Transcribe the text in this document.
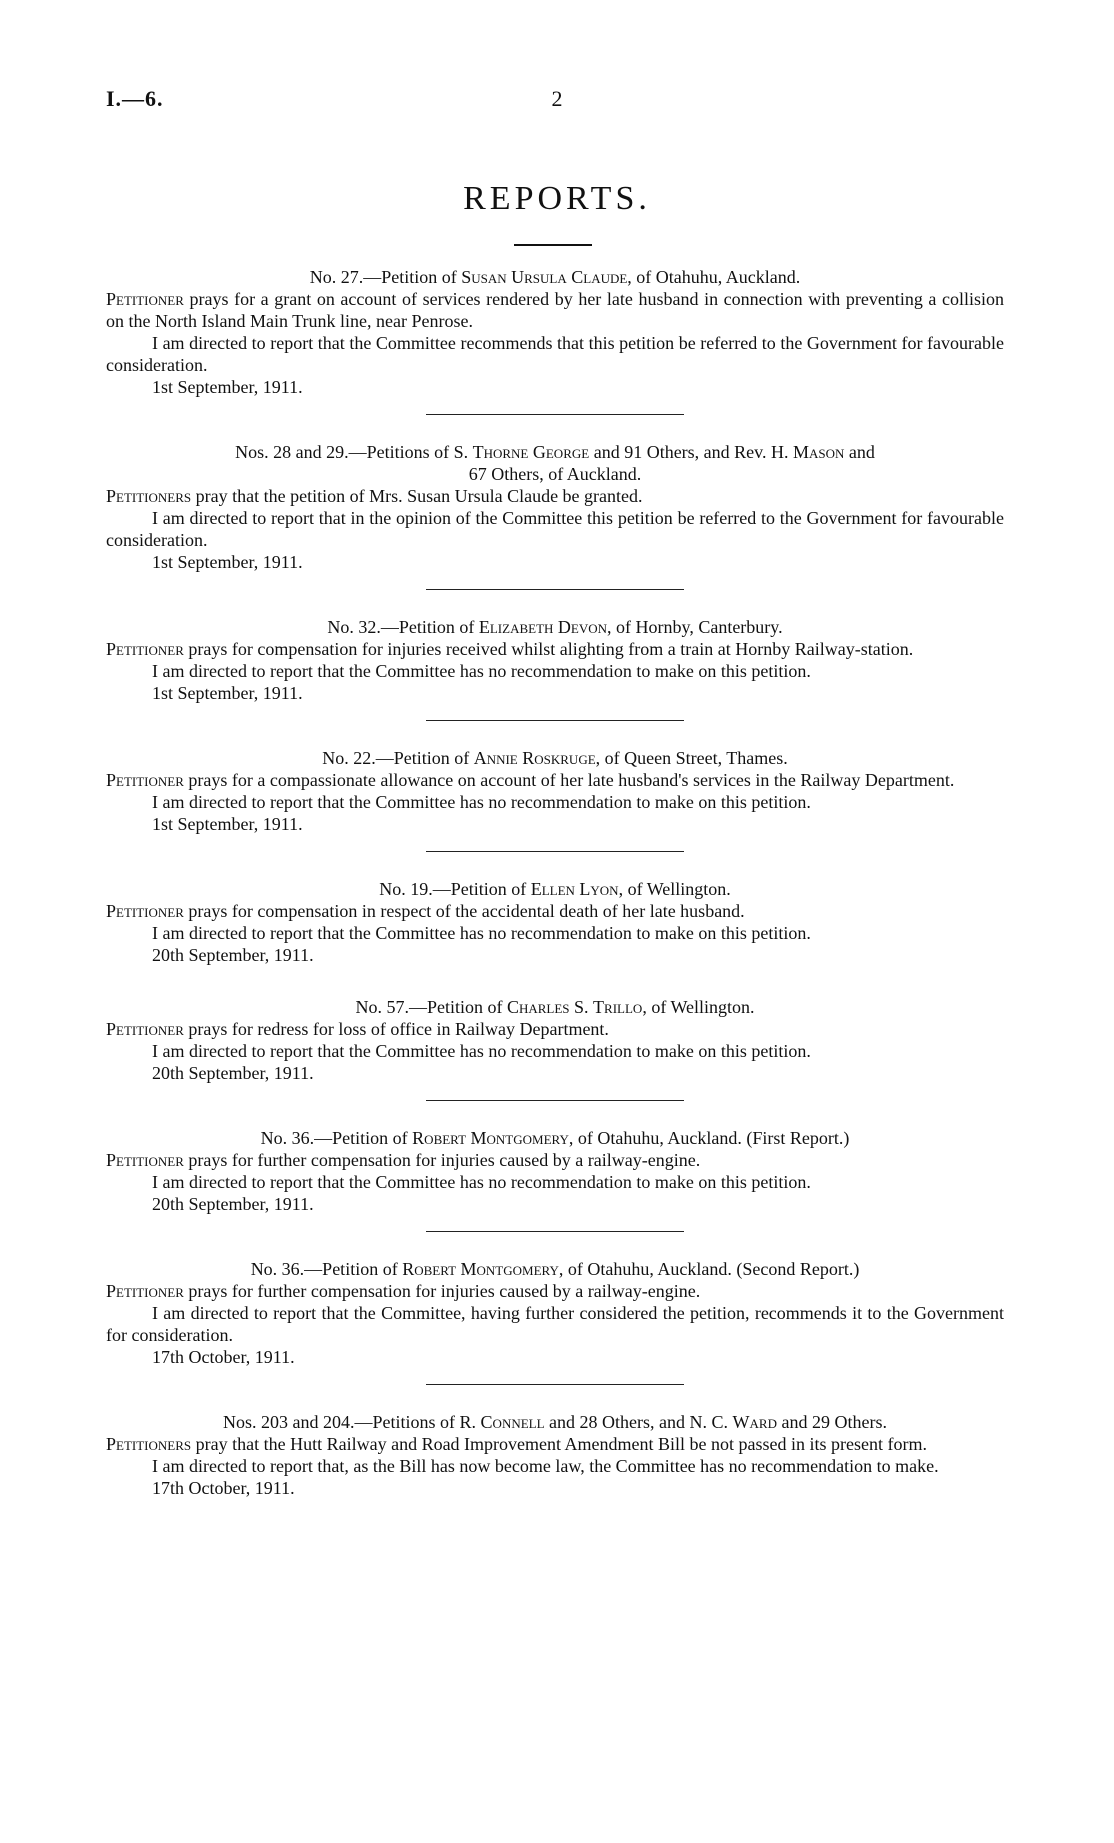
I.—6.	2
REPORTS.
No. 27.—Petition of Susan Ursula Claude, of Otahuhu, Auckland.

Petitioner prays for a grant on account of services rendered by her late husband in connection with preventing a collision on the North Island Main Trunk line, near Penrose.

I am directed to report that the Committee recommends that this petition be referred to the Government for favourable consideration.

1st September, 1911.
Nos. 28 and 29.—Petitions of S. Thorne George and 91 Others, and Rev. H. Mason and
67 Others, of Auckland.

Petitioners pray that the petition of Mrs. Susan Ursula Claude be granted.

I am directed to report that in the opinion of the Committee this petition be referred to the Government for favourable consideration.

1st September, 1911.
No. 32.—Petition of Elizabeth Devon, of Hornby, Canterbury.

Petitioner prays for compensation for injuries received whilst alighting from a train at Hornby Railway-station.

I am directed to report that the Committee has no recommendation to make on this petition.

1st September, 1911.
No. 22.—Petition of Annie Roskruge, of Queen Street, Thames.

Petitioner prays for a compassionate allowance on account of her late husband's services in the Railway Department.

I am directed to report that the Committee has no recommendation to make on this petition.

1st September, 1911.
No. 19.—Petition of Ellen Lyon, of Wellington.

Petitioner prays for compensation in respect of the accidental death of her late husband.

I am directed to report that the Committee has no recommendation to make on this petition.

20th September, 1911.
No. 57.—Petition of Charles S. Trillo, of Wellington.

Petitioner prays for redress for loss of office in Railway Department.

I am directed to report that the Committee has no recommendation to make on this petition.

20th September, 1911.
No. 36.—Petition of Robert Montgomery, of Otahuhu, Auckland. (First Report.)

Petitioner prays for further compensation for injuries caused by a railway-engine.

I am directed to report that the Committee has no recommendation to make on this petition.

20th September, 1911.
No. 36.—Petition of Robert Montgomery, of Otahuhu, Auckland. (Second Report.)

Petitioner prays for further compensation for injuries caused by a railway-engine.

I am directed to report that the Committee, having further considered the petition, recommends it to the Government for consideration.

17th October, 1911.
Nos. 203 and 204.—Petitions of R. Connell and 28 Others, and N. C. Ward and 29 Others.

Petitioners pray that the Hutt Railway and Road Improvement Amendment Bill be not passed in its present form.

I am directed to report that, as the Bill has now become law, the Committee has no recommendation to make.

17th October, 1911.
